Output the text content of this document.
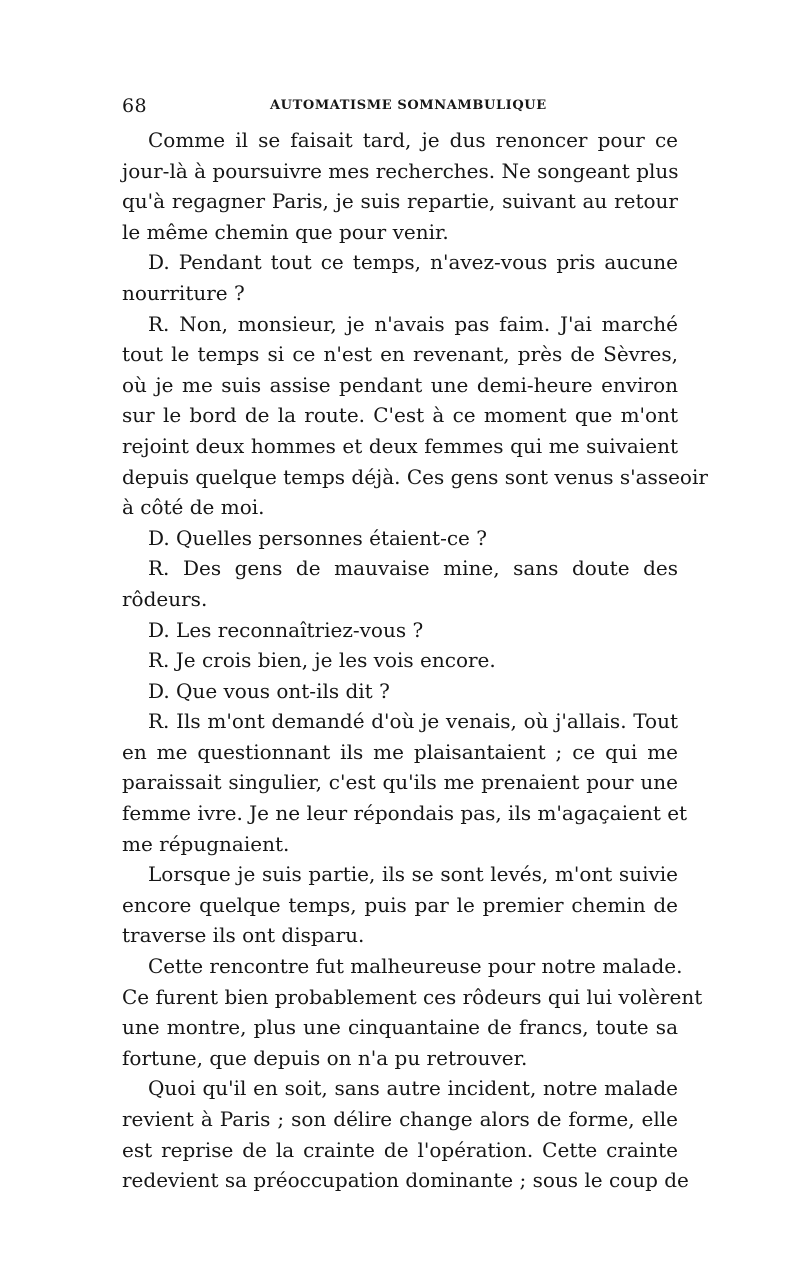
68	AUTOMATISME SOMNAMBULIQUE
Comme il se faisait tard, je dus renoncer pour ce
jour-là à poursuivre mes recherches. Ne songeant plus
qu'à regagner Paris, je suis repartie, suivant au retour
le même chemin que pour venir.
D. Pendant tout ce temps, n'avez-vous pris aucune
nourriture ?
R. Non, monsieur, je n'avais pas faim. J'ai marché
tout le temps si ce n'est en revenant, près de Sèvres,
où je me suis assise pendant une demi-heure environ
sur le bord de la route. C'est à ce moment que m'ont
rejoint deux hommes et deux femmes qui me suivaient
depuis quelque temps déjà. Ces gens sont venus s'asseoir
à côté de moi.
D. Quelles personnes étaient-ce ?
R. Des gens de mauvaise mine, sans doute des
rôdeurs.
D. Les reconnaîtriez-vous ?
R. Je crois bien, je les vois encore.
D. Que vous ont-ils dit ?
R. Ils m'ont demandé d'où je venais, où j'allais. Tout
en me questionnant ils me plaisantaient ; ce qui me
paraissait singulier, c'est qu'ils me prenaient pour une
femme ivre. Je ne leur répondais pas, ils m'agaçaient et
me répugnaient.
Lorsque je suis partie, ils se sont levés, m'ont suivie
encore quelque temps, puis par le premier chemin de
traverse ils ont disparu.
Cette rencontre fut malheureuse pour notre malade.
Ce furent bien probablement ces rôdeurs qui lui volèrent
une montre, plus une cinquantaine de francs, toute sa
fortune, que depuis on n'a pu retrouver.
Quoi qu'il en soit, sans autre incident, notre malade
revient à Paris ; son délire change alors de forme, elle
est reprise de la crainte de l'opération. Cette crainte
redevient sa préoccupation dominante ; sous le coup de
